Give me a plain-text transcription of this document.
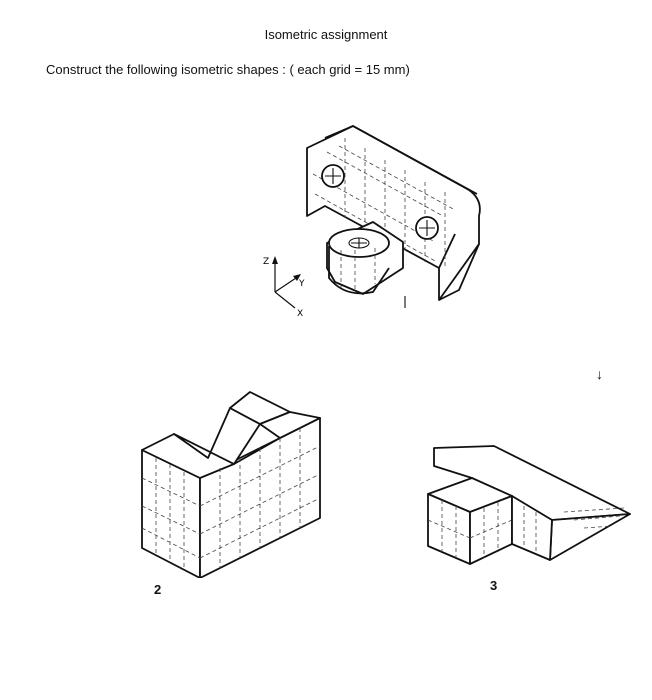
Isometric assignment
Construct the following isometric shapes : ( each grid = 15 mm)
Z
Y
X
2	3
↓
